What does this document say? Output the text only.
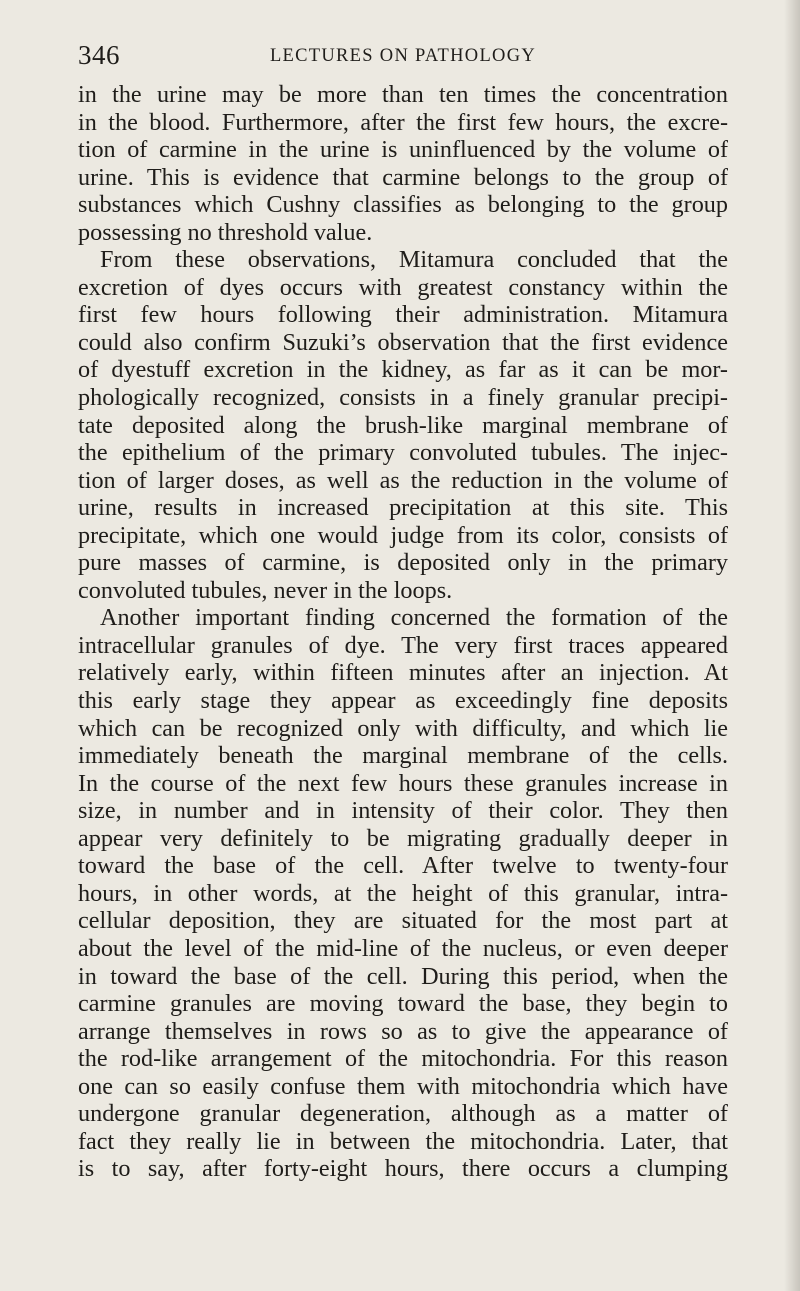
346	LECTURES ON PATHOLOGY
in the urine may be more than ten times the concentration
in the blood. Furthermore, after the first few hours, the excre-
tion of carmine in the urine is uninfluenced by the volume of
urine. This is evidence that carmine belongs to the group of
substances which Cushny classifies as belonging to the group
possessing no threshold value.
From these observations, Mitamura concluded that the
excretion of dyes occurs with greatest constancy within the
first few hours following their administration. Mitamura
could also confirm Suzuki’s observation that the first evidence
of dyestuff excretion in the kidney, as far as it can be mor-
phologically recognized, consists in a finely granular precipi-
tate deposited along the brush-like marginal membrane of
the epithelium of the primary convoluted tubules. The injec-
tion of larger doses, as well as the reduction in the volume of
urine, results in increased precipitation at this site. This
precipitate, which one would judge from its color, consists of
pure masses of carmine, is deposited only in the primary
convoluted tubules, never in the loops.
Another important finding concerned the formation of the
intracellular granules of dye. The very first traces appeared
relatively early, within fifteen minutes after an injection. At
this early stage they appear as exceedingly fine deposits
which can be recognized only with difficulty, and which lie
immediately beneath the marginal membrane of the cells.
In the course of the next few hours these granules increase in
size, in number and in intensity of their color. They then
appear very definitely to be migrating gradually deeper in
toward the base of the cell. After twelve to twenty-four
hours, in other words, at the height of this granular, intra-
cellular deposition, they are situated for the most part at
about the level of the mid-line of the nucleus, or even deeper
in toward the base of the cell. During this period, when the
carmine granules are moving toward the base, they begin to
arrange themselves in rows so as to give the appearance of
the rod-like arrangement of the mitochondria. For this reason
one can so easily confuse them with mitochondria which have
undergone granular degeneration, although as a matter of
fact they really lie in between the mitochondria. Later, that
is to say, after forty-eight hours, there occurs a clumping
